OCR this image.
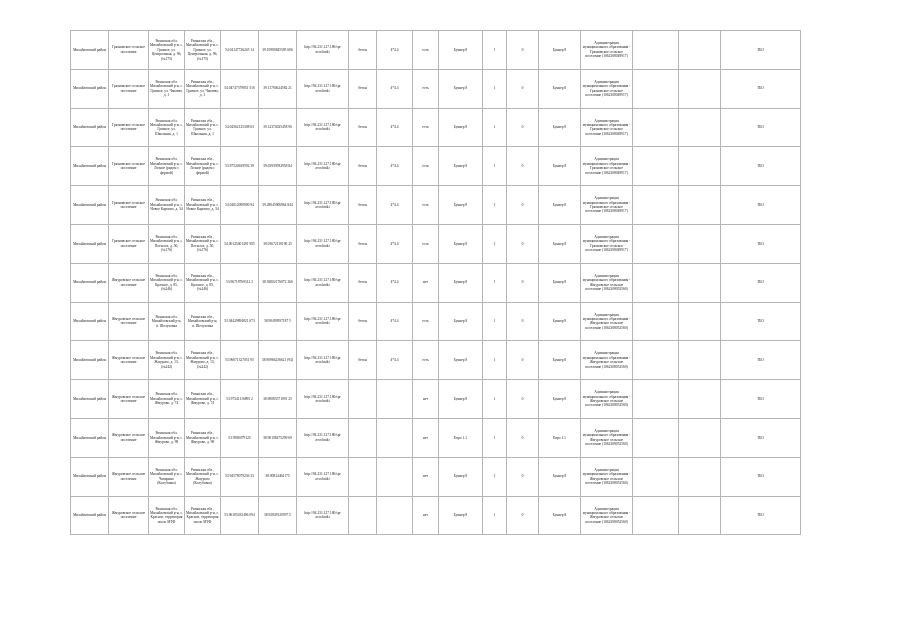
Михайловский район	Грязновское сельское поселение	Рязанская обл. Михайловский р-н, с. Грязное, ул. Центральная, д. 96, (№175)	Рязанская обл., Михайловский р-н, с. Грязное, ул. Центральная, д. 96, (№175)	54.04147726245 14	39.10980845585 606	http://94.231.127.180/spr avochniki	бетон	4*4.4	есть	Бункер 8	1	0	Бункер 8	Администрация муниципального образования - Грязновское сельское поселение (1062308049917)			ТБО
Михайловский район	Грязновское сельское поселение	Рязанская обл. Михайловский р-н, с. Грязное, ул. Чапаева, д. 1	Рязанская обл., Михайловский р-н, с. Грязное, ул. Чапаева, д. 1	54.04747379851 516	39.11794624582 21	http://94.231.127.180/spr avochniki	бетон	4*4.4	есть	Бункер 8	1	0	Бункер 8	Администрация муниципального образования - Грязновское сельское поселение (1062308049917)			ТБО
Михайловский район	Грязновское сельское поселение	Рязанская обл. Михайловский р-н, с. Грязное, ул. Школьная, д. 1	Рязанская обл., Михайловский р-н, с. Грязное, ул. Школьная, д. 1	54.04562125308 63	39.12374025458 96	http://94.231.127.180/spr avochniki	бетон	4*4.4	есть	Бункер 8	1	0	Бункер 8	Администрация муниципального образования - Грязновское сельское поселение (1062308049917)			ТБО
Михайловский район	Грязновское сельское поселение	Рязанская обл. Михайловский р-н, с. Лозное (рядом с фермой)	Рязанская обл., Михайловский р-н, с. Лозное (рядом с фермой)	53.97524639592 39	39.03939592958 84	http://94.231.127.180/spr avochniki	бетон	4*4.4	есть	Бункер 8	1	0	Бункер 8	Администрация муниципального образования - Грязновское сельское поселение (1062308049917)			ТБО
Михайловский район	Грязновское сельское поселение	Рязанская обл. Михайловский р-н, с. Новое Карпово, д. 34	Рязанская обл., Михайловский р-н, с. Новое Карпово, д. 34	54.04012090900 94	39.28045906964 844	http://94.231.127.180/spr avochniki	бетон	4*4.4	есть	Бункер 8	1	0	Бункер 8	Администрация муниципального образования - Грязновское сельское поселение (1062308049917)			ТБО
Михайловский район	Грязновское сельское поселение	Рязанская обл. Михайловский р-н, с. Погылое, д. 50, (№176)	Рязанская обл., Михайловский р-н, с. Погылое, д. 50, (№176)	54.00125401491 905	39.03672110190 25	http://94.231.127.180/spr avochniki	бетон	4*4.4	есть	Бункер 8	1	0	Бункер 8	Администрация муниципального образования - Грязновское сельское поселение (1062308049917)			ТБО
Михайловский район	Жмуровское сельское поселение	Рязанская обл. Михайловский р-н, с. Красное, д. 85, (№246)	Рязанская обл., Михайловский р-н, с. Красное, д. 85, (№246)	53.96718769312 3	38.92802176072 266	http://94.231.127.180/spr avochniki	бетон	4*4.4	нет	Бункер 8	1	0	Бункер 8	Администрация муниципального образования - Жмуровское сельское поселение (1062308052560)			ТБО
Михайловский район	Жмуровское сельское поселение	Рязанская обл. Михайловский р-н, п. Шелуховка	Рязанская обл., Михайловский р-н, п. Шелуховка	53.94429894821 673	38.90499597187 5	http://94.231.127.180/spr avochniki	бетон	4*4.4	есть	Бункер 8	1	0	Бункер 8	Администрация муниципального образования - Жмуровское сельское поселение (1062308052560)			ТБО
Михайловский район	Жмуровское сельское поселение	Рязанская обл. Михайловский р-н, с. Жмурово, д. 13, (№242)	Рязанская обл., Михайловский р-н, с. Жмурово, д. 13, (№242)	53.96671327051 95	38.90966236621 (94)	http://94.231.127.180/spr avochniki	бетон	4*4.4	есть	Бункер 8	1	0	Бункер 8	Администрация муниципального образования - Жмуровское сельское поселение (1062308052560)			ТБО
Михайловский район	Жмуровское сельское поселение	Рязанская обл. Михайловский р-н, с. Жмурово, д. 74	Рязанская обл., Михайловский р-н, с. Жмурово, д. 74	53.97341116895 2	38.90083571091 25	http://94.231.127.180/spr avochniki			нет	Бункер 8	1	0	Бункер 8	Администрация муниципального образования - Жмуровское сельское поселение (1062308052560)			ТБО
Михайловский район	Жмуровское сельское поселение	Рязанская обл. Михайловский р-н, с. Жмурово, д. 98	Рязанская обл., Михайловский р-н, с. Жмурово, д. 98	53.9580079125	38.90108475299 69	http://94.231.127.180/spr avochniki			нет	Евро 1.1	1	0	Евро 1.1	Администрация муниципального образования - Жмуровское сельское поселение (1062308052560)			ТБО
Михайловский район	Жмуровское сельское поселение	Рязанская обл. Михайловский р-н, с. Чапарино (Колубовка)	Рязанская обл., Михайловский р-н, с. Жмурово (Колубовка)	53.94578079236 33	38.90814464175	http://94.231.127.180/spr avochniki			нет	Бункер 8	1	0	Бункер 8	Администрация муниципального образования - Жмуровское сельское поселение (1062308052560)			ТБО
Михайловский район	Жмуровское сельское поселение	Рязанская обл. Михайловский р-н, с. Красное, территория около МТФ	Рязанская обл., Михайловский р-н, с. Красное, территория около МТФ	53.96105433406 094	38.92849120597 5	http://94.231.127.180/spr avochniki			нет	Бункер 8	1	0	Бункер 8	Администрация муниципального образования - Жмуровское сельское поселение (1062308052560)			ТБО
